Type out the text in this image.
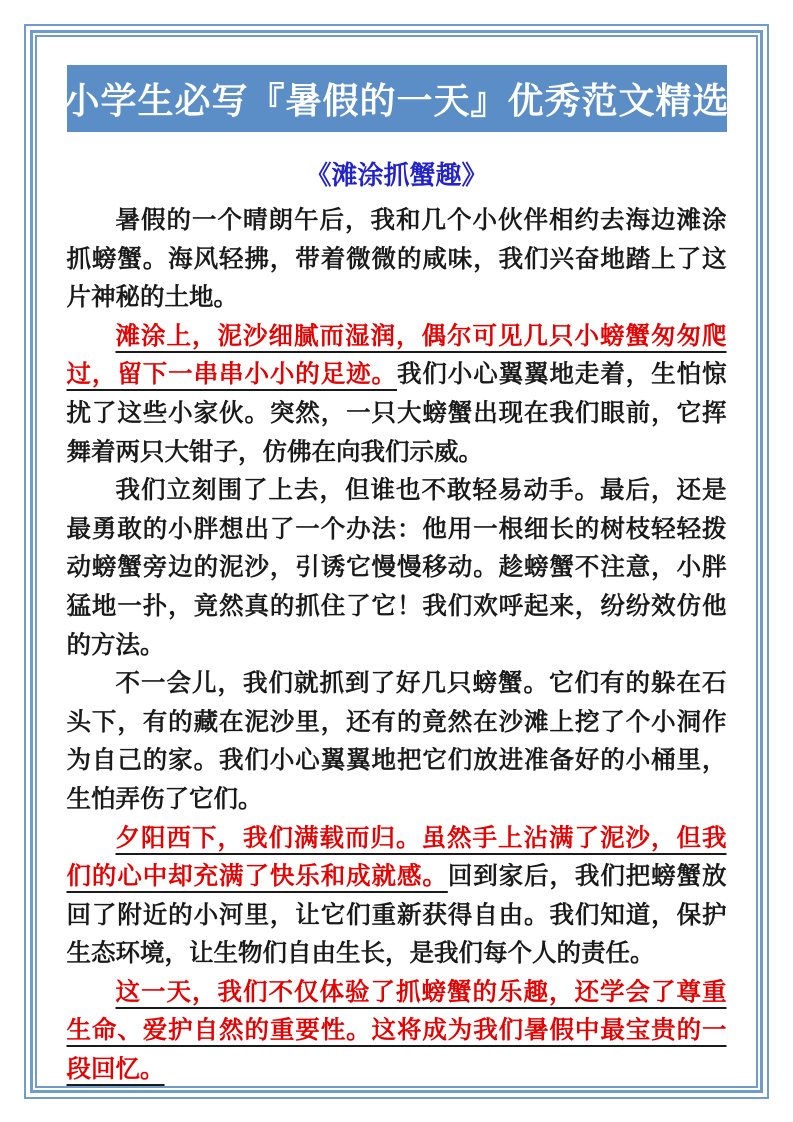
小学生必写『暑假的一天』优秀范文精选
《滩涂抓蟹趣》

暑假的一个晴朗午后，我和几个小伙伴相约去海边滩涂抓螃蟹。海风轻拂，带着微微的咸味，我们兴奋地踏上了这片神秘的土地。

滩涂上，泥沙细腻而湿润，偶尔可见几只小螃蟹匆匆爬过，留下一串串小小的足迹。我们小心翼翼地走着，生怕惊扰了这些小家伙。突然，一只大螃蟹出现在我们眼前，它挥舞着两只大钳子，仿佛在向我们示威。

我们立刻围了上去，但谁也不敢轻易动手。最后，还是最勇敢的小胖想出了一个办法：他用一根细长的树枝轻轻拨动螃蟹旁边的泥沙，引诱它慢慢移动。趁螃蟹不注意，小胖猛地一扑，竟然真的抓住了它！我们欢呼起来，纷纷效仿他的方法。

不一会儿，我们就抓到了好几只螃蟹。它们有的躲在石头下，有的藏在泥沙里，还有的竟然在沙滩上挖了个小洞作为自己的家。我们小心翼翼地把它们放进准备好的小桶里，生怕弄伤了它们。

夕阳西下，我们满载而归。虽然手上沾满了泥沙，但我们的心中却充满了快乐和成就感。回到家后，我们把螃蟹放回了附近的小河里，让它们重新获得自由。我们知道，保护生态环境，让生物们自由生长，是我们每个人的责任。

这一天，我们不仅体验了抓螃蟹的乐趣，还学会了尊重生命、爱护自然的重要性。这将成为我们暑假中最宝贵的一段回忆。
